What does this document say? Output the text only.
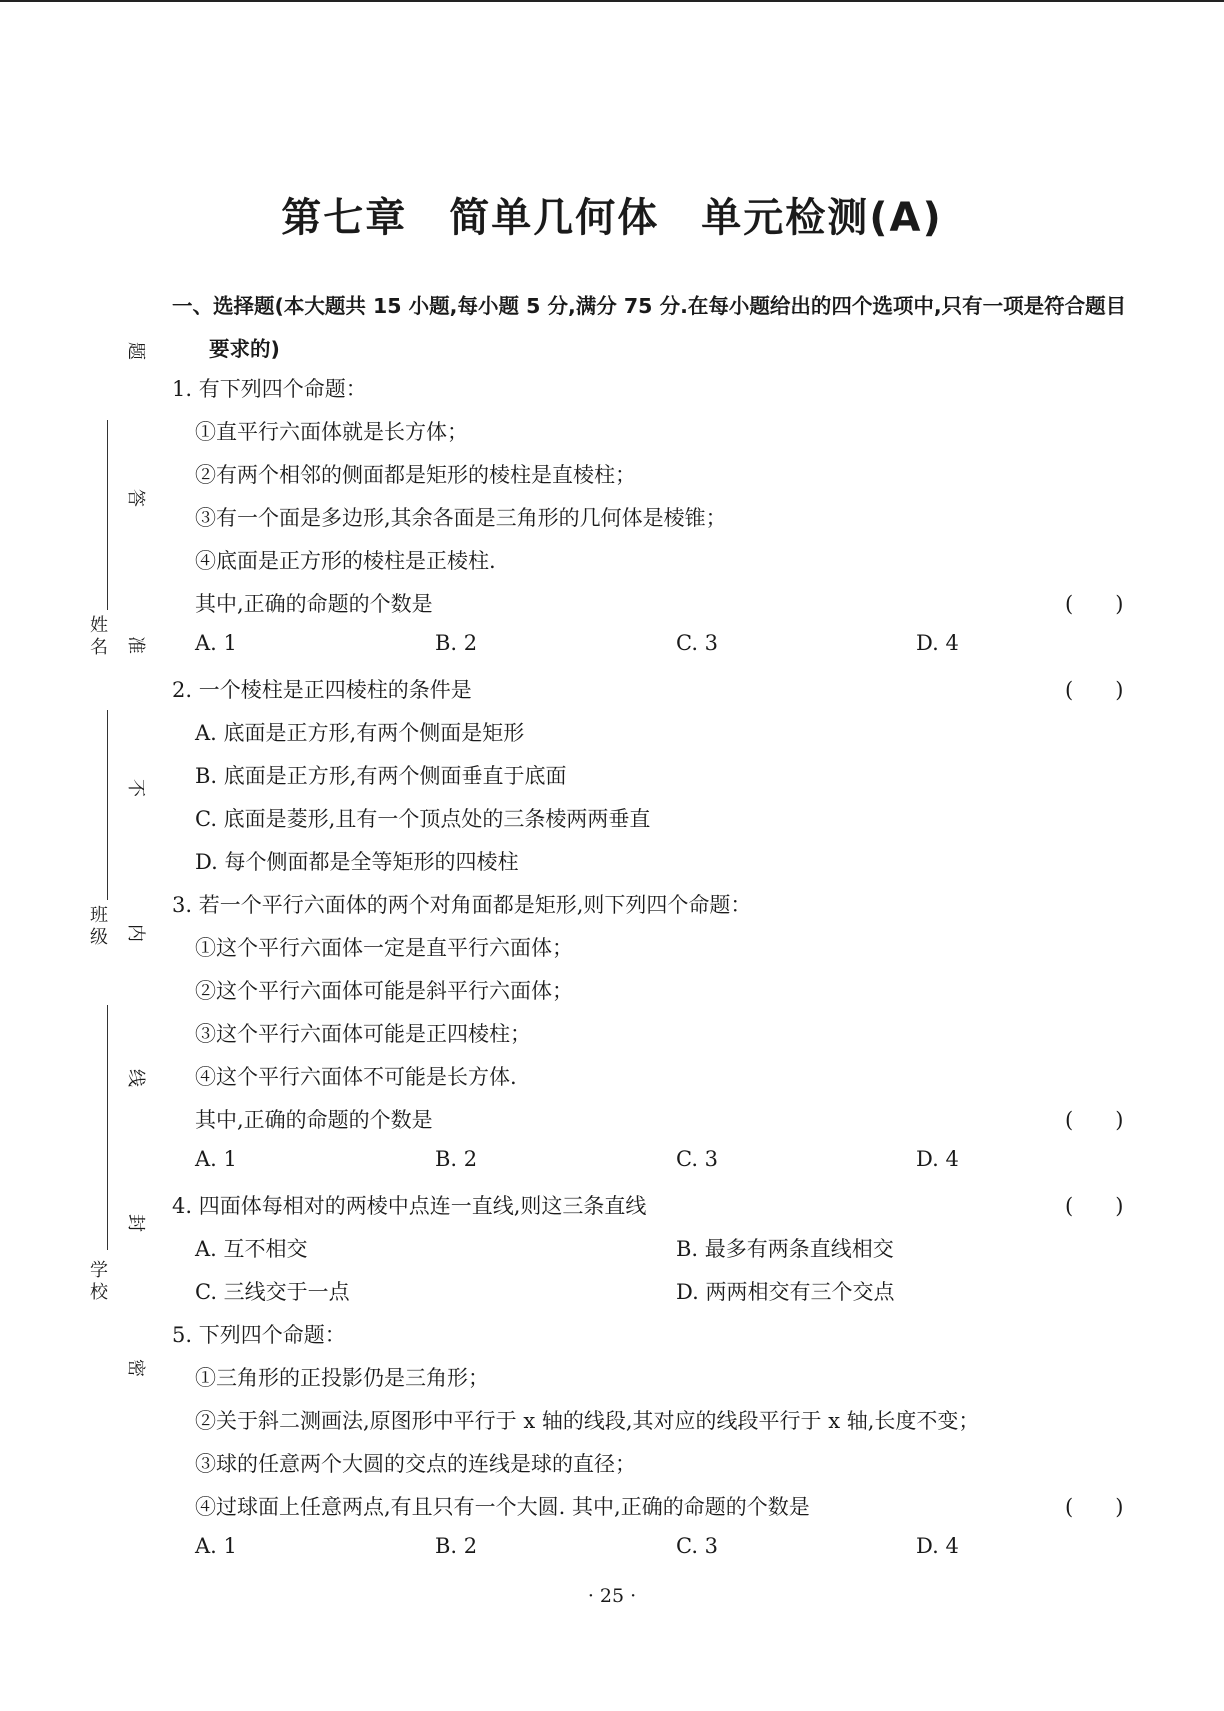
姓名
班级
学校
题
答
准
不
内
线
封
密
第七章　简单几何体　单元检测(A)
一、选择题(本大题共 15 小题,每小题 5 分,满分 75 分.在每小题给出的四个选项中,只有一项是符合题目要求的)
1. 有下列四个命题：
①直平行六面体就是长方体；
②有两个相邻的侧面都是矩形的棱柱是直棱柱；
③有一个面是多边形,其余各面是三角形的几何体是棱锥；
④底面是正方形的棱柱是正棱柱.
其中,正确的命题的个数是	(　　)
A. 1	B. 2	C. 3	D. 4
2. 一个棱柱是正四棱柱的条件是	(　　)
A. 底面是正方形,有两个侧面是矩形
B. 底面是正方形,有两个侧面垂直于底面
C. 底面是菱形,且有一个顶点处的三条棱两两垂直
D. 每个侧面都是全等矩形的四棱柱
3. 若一个平行六面体的两个对角面都是矩形,则下列四个命题：
①这个平行六面体一定是直平行六面体；
②这个平行六面体可能是斜平行六面体；
③这个平行六面体可能是正四棱柱；
④这个平行六面体不可能是长方体.
其中,正确的命题的个数是	(　　)
A. 1	B. 2	C. 3	D. 4
4. 四面体每相对的两棱中点连一直线,则这三条直线	(　　)
A. 互不相交	B. 最多有两条直线相交
C. 三线交于一点	D. 两两相交有三个交点
5. 下列四个命题：
①三角形的正投影仍是三角形；
②关于斜二测画法,原图形中平行于 x 轴的线段,其对应的线段平行于 x 轴,长度不变；
③球的任意两个大圆的交点的连线是球的直径；
④过球面上任意两点,有且只有一个大圆. 其中,正确的命题的个数是	(　　)
A. 1	B. 2	C. 3	D. 4
· 25 ·
